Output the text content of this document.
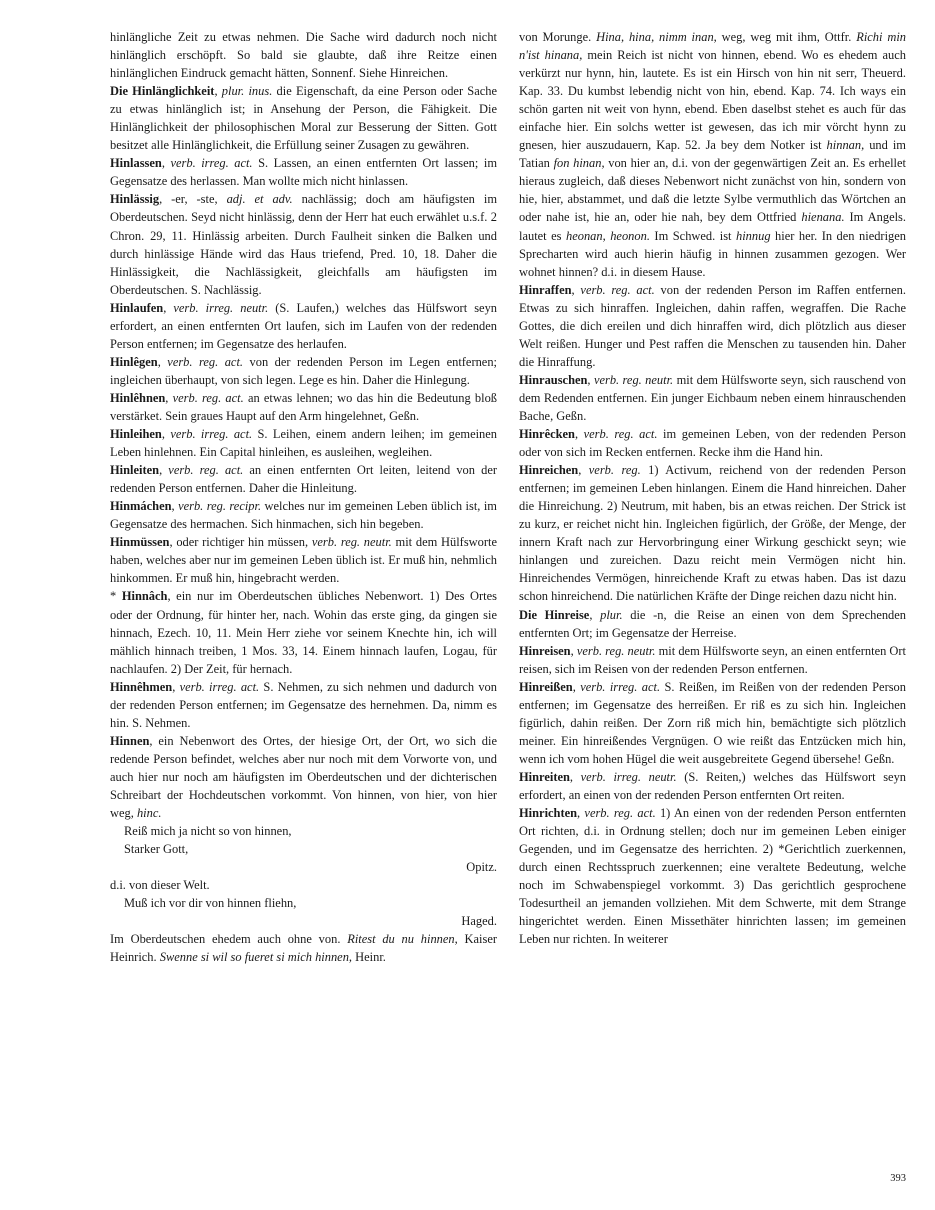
hinlängliche Zeit zu etwas nehmen. Die Sache wird dadurch noch nicht hinlänglich erschöpft. So bald sie glaubte, daß ihre Reitze einen hinlänglichen Eindruck gemacht hätten, Sonnenf. Siehe Hinreichen.

Die Hinlänglichkeit, plur. inus. die Eigenschaft, da eine Person oder Sache zu etwas hinlänglich ist; in Ansehung der Person, die Fähigkeit. Die Hinlänglichkeit der philosophischen Moral zur Besserung der Sitten. Gott besitzet alle Hinlänglichkeit, die Erfüllung seiner Zusagen zu gewähren.

Hinlassen, verb. irreg. act. S. Lassen, an einen entfernten Ort lassen; im Gegensatze des herlassen. Man wollte mich nicht hinlassen.

Hinlässig, -er, -ste, adj. et adv. nachlässig; doch am häufigsten im Oberdeutschen. Seyd nicht hinlässig, denn der Herr hat euch erwählet u.s.f. 2 Chron. 29, 11. Hinlässig arbeiten. Durch Faulheit sinken die Balken und durch hinlässige Hände wird das Haus triefend, Pred. 10, 18. Daher die Hinlässigkeit, die Nachlässigkeit, gleichfalls am häufigsten im Oberdeutschen. S. Nachlässig.

Hinlaufen, verb. irreg. neutr. (S. Laufen,) welches das Hülfswort seyn erfordert, an einen entfernten Ort laufen, sich im Laufen von der redenden Person entfernen; im Gegensatze des herlaufen.

Hinlêgen, verb. reg. act. von der redenden Person im Legen entfernen; ingleichen überhaupt, von sich legen. Lege es hin. Daher die Hinlegung.

Hinlêhnen, verb. reg. act. an etwas lehnen; wo das hin die Bedeutung bloß verstärket. Sein graues Haupt auf den Arm hingelehnet, Geßn.

Hinleihen, verb. irreg. act. S. Leihen, einem andern leihen; im gemeinen Leben hinlehnen. Ein Capital hinleihen, es ausleihen, wegleihen.

Hinleiten, verb. reg. act. an einen entfernten Ort leiten, leitend von der redenden Person entfernen. Daher die Hinleitung.

Hinmáchen, verb. reg. recipr. welches nur im gemeinen Leben üblich ist, im Gegensatze des hermachen. Sich hinmachen, sich hin begeben.

Hinmüssen, oder richtiger hin müssen, verb. reg. neutr. mit dem Hülfsworte haben, welches aber nur im gemeinen Leben üblich ist. Er muß hin, nehmlich hinkommen. Er muß hin, hingebracht werden.

* Hinnâch, ein nur im Oberdeutschen übliches Nebenwort. 1) Des Ortes oder der Ordnung, für hinter her, nach. Wohin das erste ging, da gingen sie hinnach, Ezech. 10, 11. Mein Herr ziehe vor seinem Knechte hin, ich will mählich hinnach treiben, 1 Mos. 33, 14. Einem hinnach laufen, Logau, für nachlaufen. 2) Der Zeit, für hernach.

Hinnêhmen, verb. irreg. act. S. Nehmen, zu sich nehmen und dadurch von der redenden Person entfernen; im Gegensatze des hernehmen. Da, nimm es hin. S. Nehmen.

Hinnen, ein Nebenwort des Ortes, der hiesige Ort, der Ort, wo sich die redende Person befindet, welches aber nur noch mit dem Vorworte von, und auch hier nur noch am häufigsten im Oberdeutschen und der dichterischen Schreibart der Hochdeutschen vorkommt. Von hinnen, von hier, von hier weg, hinc.

Reiß mich ja nicht so von hinnen,

Starker Gott,

Opitz.

d.i. von dieser Welt.

Muß ich vor dir von hinnen fliehn,

Haged.

Im Oberdeutschen ehedem auch ohne von. Ritest du nu hinnen, Kaiser Heinrich. Swenne si wil so fueret si mich hinnen, Heinr.

von Morunge. Hina, hina, nimm inan, weg, weg mit ihm, Ottfr. Richi min n'ist hinana, mein Reich ist nicht von hinnen, ebend. Wo es ehedem auch verkürzt nur hynn, hin, lautete. Es ist ein Hirsch von hin nit serr, Theuerd. Kap. 33. Du kumbst lebendig nicht von hin, ebend. Kap. 74. Ich ways ein schön garten nit weit von hynn, ebend. Eben daselbst stehet es auch für das einfache hier. Ein solchs wetter ist gewesen, das ich mir vörcht hynn zu gnesen, hier auszudauern, Kap. 52. Ja bey dem Notker ist hinnan, und im Tatian fon hinan, von hier an, d.i. von der gegenwärtigen Zeit an. Es erhellet hieraus zugleich, daß dieses Nebenwort nicht zunächst von hin, sondern von hie, hier, abstammet, und daß die letzte Sylbe vermuthlich das Wörtchen an oder nahe ist, hie an, oder hie nah, bey dem Ottfried hienana. Im Angels. lautet es heonan, heonon. Im Schwed. ist hinnug hier her. In den niedrigen Sprecharten wird auch hierin häufig in hinnen zusammen gezogen. Wer wohnet hinnen? d.i. in diesem Hause.

Hinraffen, verb. reg. act. von der redenden Person im Raffen entfernen. Etwas zu sich hinraffen. Ingleichen, dahin raffen, wegraffen. Die Rache Gottes, die dich ereilen und dich hinraffen wird, dich plötzlich aus dieser Welt reißen. Hunger und Pest raffen die Menschen zu tausenden hin. Daher die Hinraffung.

Hinrauschen, verb. reg. neutr. mit dem Hülfsworte seyn, sich rauschend von dem Redenden entfernen. Ein junger Eichbaum neben einem hinrauschenden Bache, Geßn.

Hinrêcken, verb. reg. act. im gemeinen Leben, von der redenden Person oder von sich im Recken entfernen. Recke ihm die Hand hin.

Hinreichen, verb. reg. 1) Activum, reichend von der redenden Person entfernen; im gemeinen Leben hinlangen. Einem die Hand hinreichen. Daher die Hinreichung. 2) Neutrum, mit haben, bis an etwas reichen. Der Strick ist zu kurz, er reichet nicht hin. Ingleichen figürlich, der Größe, der Menge, der innern Kraft nach zur Hervorbringung einer Wirkung geschickt seyn; wie hinlangen und zureichen. Dazu reicht mein Vermögen nicht hin. Hinreichendes Vermögen, hinreichende Kraft zu etwas haben. Das ist dazu schon hinreichend. Die natürlichen Kräfte der Dinge reichen dazu nicht hin.

Die Hinreise, plur. die -n, die Reise an einen von dem Sprechenden entfernten Ort; im Gegensatze der Herreise.

Hinreisen, verb. reg. neutr. mit dem Hülfsworte seyn, an einen entfernten Ort reisen, sich im Reisen von der redenden Person entfernen.

Hinreißen, verb. irreg. act. S. Reißen, im Reißen von der redenden Person entfernen; im Gegensatze des herreißen. Er riß es zu sich hin. Ingleichen figürlich, dahin reißen. Der Zorn riß mich hin, bemächtigte sich plötzlich meiner. Ein hinreißendes Vergnügen. O wie reißt das Entzücken mich hin, wenn ich vom hohen Hügel die weit ausgebreitete Gegend übersehe! Geßn.

Hinreiten, verb. irreg. neutr. (S. Reiten,) welches das Hülfswort seyn erfordert, an einen von der redenden Person entfernten Ort reiten.

Hinrichten, verb. reg. act. 1) An einen von der redenden Person entfernten Ort richten, d.i. in Ordnung stellen; doch nur im gemeinen Leben einiger Gegenden, und im Gegensatze des herrichten. 2) *Gerichtlich zuerkennen, durch einen Rechtsspruch zuerkennen; eine veraltete Bedeutung, welche noch im Schwabenspiegel vorkommt. 3) Das gerichtlich gesprochene Todesurtheil an jemanden vollziehen. Mit dem Schwerte, mit dem Strange hingerichtet werden. Einen Missethäter hinrichten lassen; im gemeinen Leben nur richten. In weiterer

393
